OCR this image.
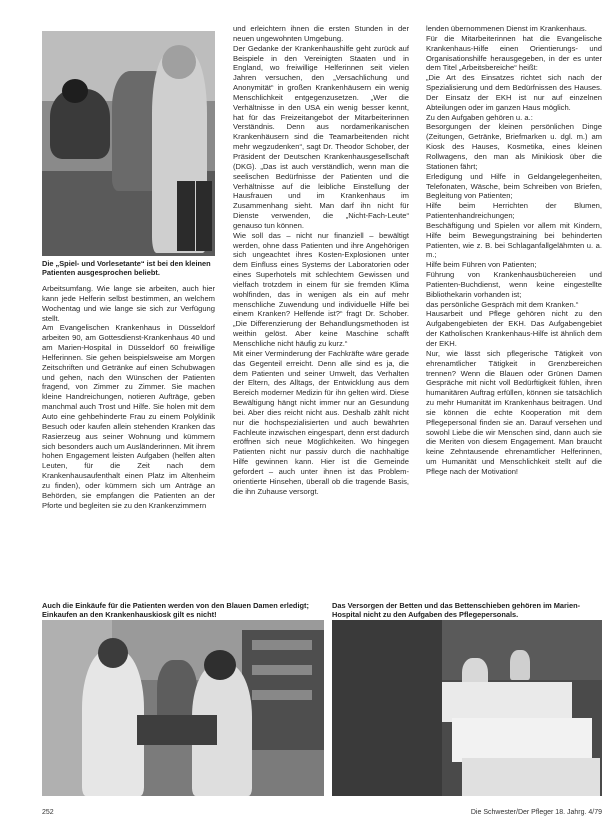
Die „Spiel- und Vorlesetante“ ist bei den kleinen Patienten ausgesprochen beliebt.

Arbeitsumfang. Wie lange sie arbeiten, auch hier kann jede Helferin selbst bestimmen, an welchem Wochentag und wie lange sie sich zur Verfügung stellt.

Am Evangelischen Krankenhaus in Düsseldorf arbeiten 90, am Gottesdienst-Krankenhaus 40 und am Marien-Hospital in Düsseldorf 60 freiwillige Helferinnen. Sie gehen beispielsweise am Morgen Zeitschriften und Getränke auf einen Schubwagen und gehen, nach den Wünschen der Patienten fragend, von Zimmer zu Zimmer. Sie machen kleine Handreichungen, notieren Aufträge, geben manchmal auch Trost und Hilfe. Sie holen mit dem Auto eine gehbehinderte Frau zu einem Polyklinik Besuch oder kaufen allein stehenden Kranken das Rasierzeug aus seiner Wohnung und kümmern sich besonders auch um Ausländerinnen. Mit ihrem hohen Engagement leisten Aufgaben (helfen alten Leuten, für die Zeit nach dem Krankenhausaufenthalt einen Platz im Altenheim zu finden), oder kümmern sich um Anträge an Behörden, sie empfangen die Patienten an der Pforte und begleiten sie zu den Krankenzimmern

und erleichtern ihnen die ersten Stunden in der neuen ungewohnten Umgebung.

Der Gedanke der Krankenhaushilfe geht zurück auf Beispiele in den Vereinigten Staaten und in England, wo freiwillige Helferinnen seit vielen Jahren versuchen, den „Versachlichung und Anonymität“ in großen Krankenhäusern ein wenig Menschlichkeit entgegenzusetzen. „Wer die Verhältnisse in den USA ein wenig besser kennt, hat für das Freizeitangebot der Mitarbeiterinnen Verständnis. Denn aus nordamerikanischen Krankenhäusern sind die Teamarbeitenden nicht mehr wegzudenken“, sagt Dr. Theodor Schober, der Präsident der Deutschen Krankenhausgesellschaft (DKG). „Das ist auch verständlich, wenn man die seelischen Bedürfnisse der Patienten und die Verhältnisse auf die leibliche Einstellung der Hausfrauen und im Krankenhaus im Zusammenhang sieht. Man darf ihn nicht für Dienste verwenden, die „Nicht-Fach-Leute“ genauso tun können.

Wie soll das – nicht nur finanziell – bewältigt werden, ohne dass Patienten und ihre Angehörigen sich ungeachtet ihres Kosten-Explosionen unter dem Einfluss eines Systems der Laboratorien oder eines Superhotels mit schlechtem Gewissen und vielfach trotzdem in einem für sie fremden Klima wohlfinden, das in wenigen als ein auf mehr menschliche Zuwendung und individuelle Hilfe bei einem Kranken? Helfende ist?“ fragt Dr. Schober. „Die Differenzierung der Behandlungsmethoden ist weithin gelöst. Aber keine Maschine schafft Menschliche nicht häufig zu kurz.“

Mit einer Verminderung der Fachkräfte wäre gerade das Gegenteil erreicht. Denn alle sind es ja, die dem Patienten und seiner Umwelt, das Verhalten der Eltern, des Alltags, der Entwicklung aus dem Bereich moderner Medizin für ihn gelten wird. Diese Bewältigung hängt nicht immer nur an Gesundung bei. Aber dies reicht nicht aus. Deshalb zählt nicht nur die hochspezialisierten und auch bewährten Fachleute inzwischen eingespart, denn erst dadurch eröffnen sich neue Möglichkeiten. Wo hingegen Patienten nicht nur passiv durch die nachhaltige Hilfe gewinnen kann. Hier ist die Gemeinde gefordert – auch unter ihnen ist das Problem-orientierte Hinsehen, überall ob die tragende Basis, die ihn Zuhause versorgt.

lenden übernommenen Dienst im Krankenhaus.

Für die Mitarbeiterinnen hat die Evangelische Krankenhaus-Hilfe einen Orientierungs- und Organisationshilfe herausgegeben, in der es unter dem Titel „Arbeitsbereiche“ heißt:

„Die Art des Einsatzes richtet sich nach der Spezialisierung und dem Bedürfnissen des Hauses. Der Einsatz der EKH ist nur auf einzelnen Abteilungen oder im ganzen Haus möglich.

Zu den Aufgaben gehören u. a.:

Besorgungen der kleinen persönlichen Dinge (Zeitungen, Getränke, Briefmarken u. dgl. m.) am Kiosk des Hauses, Kosmetika, eines kleinen Rollwagens, den man als Minikiosk über die Stationen fährt;

Erledigung und Hilfe in Geldangelegenheiten, Telefonaten, Wäsche, beim Schreiben von Briefen, Begleitung von Patienten;

Hilfe beim Herrichten der Blumen, Patientenhandreichungen;

Beschäftigung und Spielen vor allem mit Kindern, Hilfe beim Bewegungstraining bei behinderten Patienten, wie z. B. bei Schlaganfallgelähmten u. a. m.;

Hilfe beim Führen von Patienten;

Führung von Krankenhausbüchereien und Patienten-Buchdienst, wenn keine eingestellte Bibliothekarin vorhanden ist;

das persönliche Gespräch mit dem Kranken.“

Hausarbeit und Pflege gehören nicht zu den Aufgabengebieten der EKH. Das Aufgabengebiet der Katholischen Krankenhaus-Hilfe ist ähnlich dem der EKH.

Nur, wie lässt sich pflegerische Tätigkeit von ehrenamtlicher Tätigkeit in Grenzbereichen trennen? Wenn die Blauen oder Grünen Damen Gespräche mit nicht voll Bedürftigkeit fühlen, ihren humanitären Auftrag erfüllen, können sie tatsächlich zu mehr Humanität im Krankenhaus beitragen. Und sie können die echte Kooperation mit dem Pflegepersonal finden sie an. Darauf versehen und sowohl Liebe die wir Menschen sind, dann auch sie die Meriten von diesem Engagement. Man braucht keine Zehntausende ehrenamtlicher Helferinnen, um Humanität und Menschlichkeit stellt auf die Pflege nach der Motivation!

Auch die Einkäufe für die Patienten werden von den Blauen Damen erledigt; Einkaufen an den Krankenhauskiosk gilt es nicht!
Das Versorgen der Betten und das Bettenschieben gehören im Marien-Hospital nicht zu den Aufgaben des Pflegepersonals.
252	Die Schwester/Der Pfleger 18. Jahrg. 4/79
